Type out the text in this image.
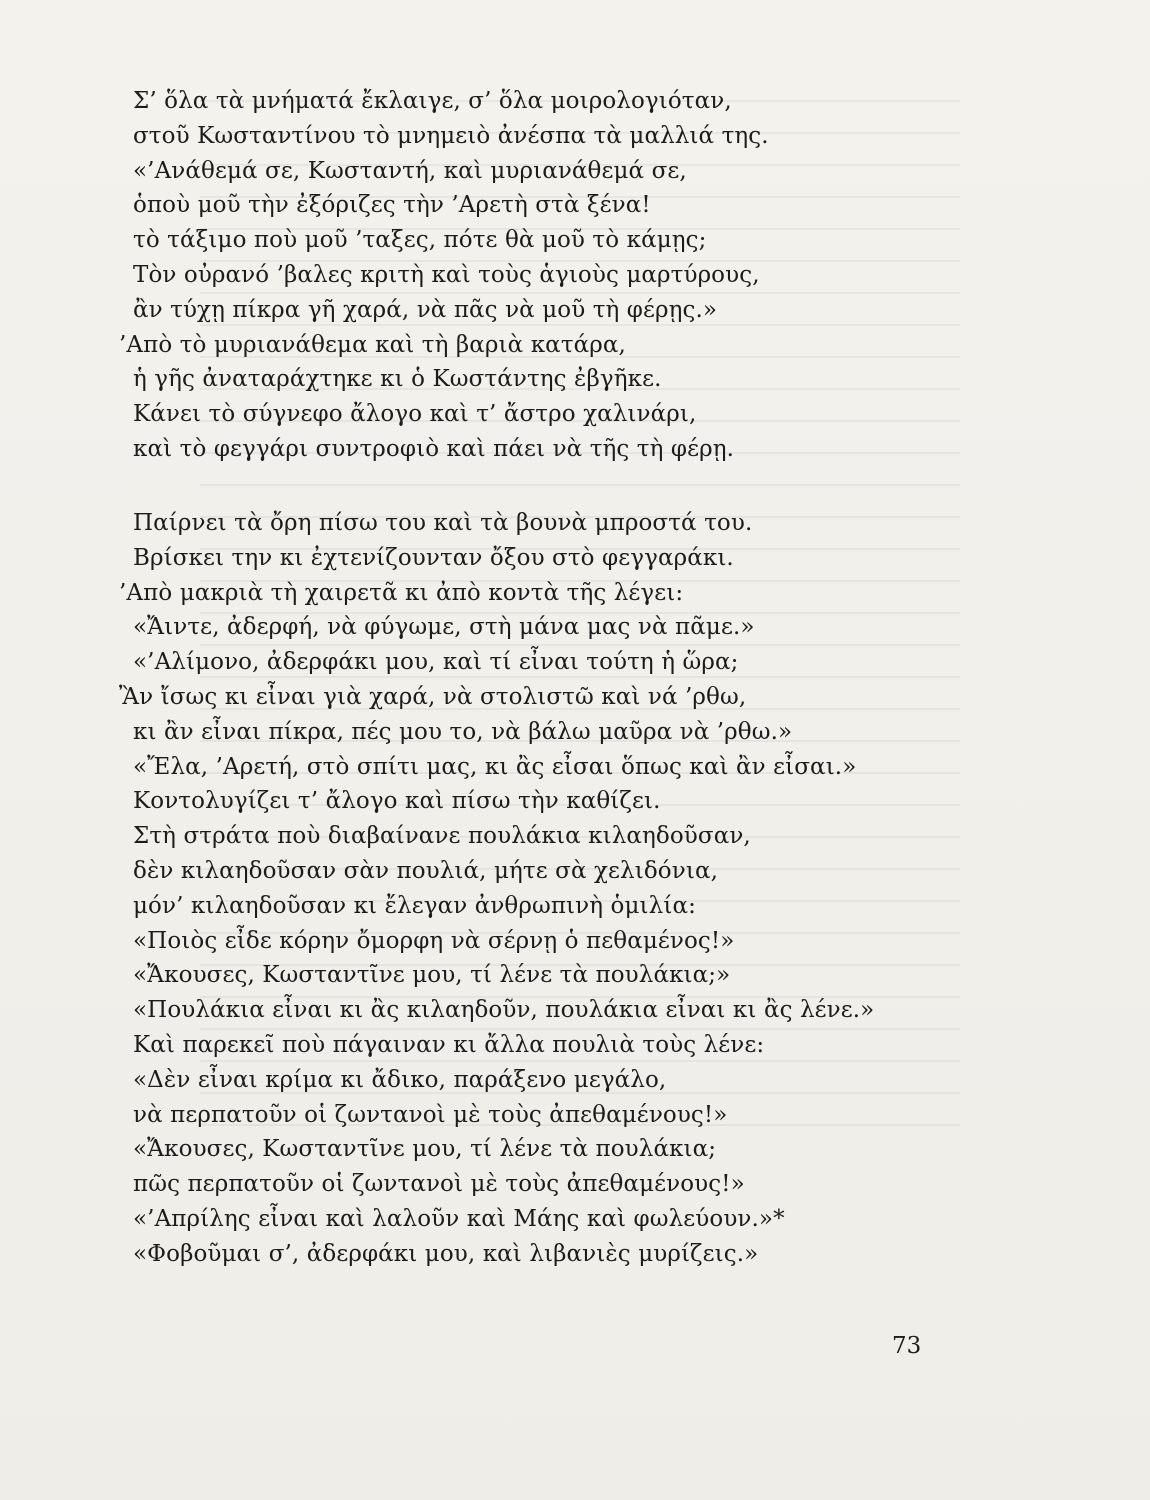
Σ’ ὅλα τὰ μνήματά ἔκλαιγε, σ’ ὅλα μοιρολογιόταν,
στοῦ Κωσταντίνου τὸ μνημειὸ ἀνέσπα τὰ μαλλιά της.
«’Ανάθεμά σε, Κωσταντή, καὶ μυριανάθεμά σε,
ὁποὺ μοῦ τὴν ἐξόριζες τὴν ’Αρετὴ στὰ ξένα!
τὸ τάξιμο ποὺ μοῦ ’ταξες, πότε θὰ μοῦ τὸ κάμῃς;
Τὸν οὐρανό ’βαλες κριτὴ καὶ τοὺς ἁγιοὺς μαρτύρους,
ἂν τύχῃ πίκρα γῆ χαρά, νὰ πᾶς νὰ μοῦ τὴ φέρῃς.»
’Απὸ τὸ μυριανάθεμα καὶ τὴ βαριὰ κατάρα,
ἡ γῆς ἀναταράχτηκε κι ὁ Κωστάντης ἐβγῆκε.
Κάνει τὸ σύγνεφο ἄλογο καὶ τ’ ἄστρο χαλινάρι,
καὶ τὸ φεγγάρι συντροφιὸ καὶ πάει νὰ τῆς τὴ φέρῃ.
Παίρνει τὰ ὄρη πίσω του καὶ τὰ βουνὰ μπροστά του.
Βρίσκει την κι ἐχτενίζουνταν ὄξου στὸ φεγγαράκι.
’Απὸ μακριὰ τὴ χαιρετᾶ κι ἀπὸ κοντὰ τῆς λέγει:
«Ἄιντε, ἀδερφή, νὰ φύγωμε, στὴ μάνα μας νὰ πᾶμε.»
«’Αλίμονο, ἀδερφάκι μου, καὶ τί εἶναι τούτη ἡ ὥρα;
Ἂν ἴσως κι εἶναι γιὰ χαρά, νὰ στολιστῶ καὶ νά ’ρθω,
κι ἂν εἶναι πίκρα, πές μου το, νὰ βάλω μαῦρα νὰ ’ρθω.»
«Ἔλα, ’Αρετή, στὸ σπίτι μας, κι ἂς εἶσαι ὅπως καὶ ἂν εἶσαι.»
Κοντολυγίζει τ’ ἄλογο καὶ πίσω τὴν καθίζει.
Στὴ στράτα ποὺ διαβαίνανε πουλάκια κιλαηδοῦσαν,
δὲν κιλαηδοῦσαν σὰν πουλιά, μήτε σὰ χελιδόνια,
μόν’ κιλαηδοῦσαν κι ἔλεγαν ἀνθρωπινὴ ὁμιλία:
«Ποιὸς εἶδε κόρην ὄμορφη νὰ σέρνῃ ὁ πεθαμένος!»
«Ἄκουσες, Κωσταντῖνε μου, τί λένε τὰ πουλάκια;»
«Πουλάκια εἶναι κι ἂς κιλαηδοῦν, πουλάκια εἶναι κι ἂς λένε.»
Καὶ παρεκεῖ ποὺ πάγαιναν κι ἄλλα πουλιὰ τοὺς λένε:
«Δὲν εἶναι κρίμα κι ἄδικο, παράξενο μεγάλο,
νὰ περπατοῦν οἱ ζωντανοὶ μὲ τοὺς ἀπεθαμένους!»
«Ἄκουσες, Κωσταντῖνε μου, τί λένε τὰ πουλάκια;
πῶς περπατοῦν οἱ ζωντανοὶ μὲ τοὺς ἀπεθαμένους!»
«’Απρίλης εἶναι καὶ λαλοῦν καὶ Μάης καὶ φωλεύουν.»*
«Φοβοῦμαι σ’, ἀδερφάκι μου, καὶ λιβανιὲς μυρίζεις.»
73
